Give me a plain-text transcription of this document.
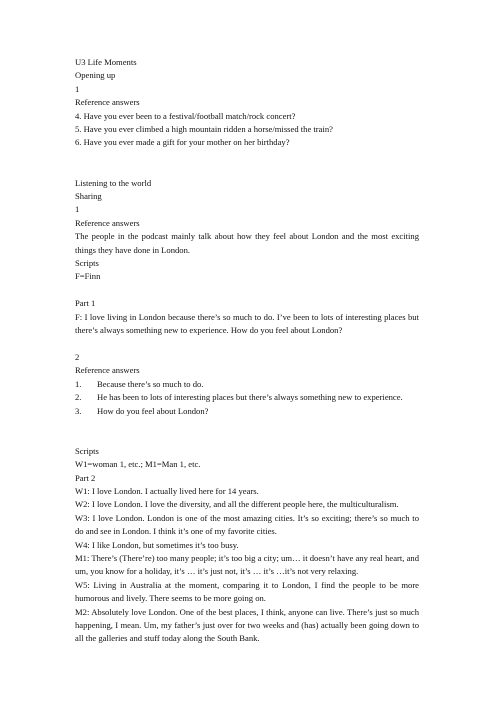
U3 Life Moments

Opening up

1

Reference answers

4. Have you ever been to a festival/football match/rock concert?

5. Have you ever climbed a high mountain ridden a horse/missed the train?

6. Have you ever made a gift for your mother on her birthday?

Listening to the world

Sharing

1

Reference answers

The people in the podcast mainly talk about how they feel about London and the most exciting things they have done in London.

Scripts

F=Finn

Part 1

F: I love living in London because there’s so much to do. I’ve been to lots of interesting places but there’s always something new to experience. How do you feel about London?

2

Reference answers

1. Because there’s so much to do.
2. He has been to lots of interesting places but there’s always something new to experience.
3. How do you feel about London?

Scripts

W1=woman 1, etc.; M1=Man 1, etc.

Part 2

W1: I love London. I actually lived here for 14 years.

W2: I love London. I love the diversity, and all the different people here, the multiculturalism.

W3: I love London. London is one of the most amazing cities. It’s so exciting; there’s so much to do and see in London. I think it’s one of my favorite cities.

W4: I like London, but sometimes it’s too busy.

M1: There’s (There’re) too many people; it’s too big a city; um… it doesn’t have any real heart, and um, you know for a holiday, it’s … it’s just not, it’s … it’s …it’s not very relaxing.

W5: Living in Australia at the moment, comparing it to London, I find the people to be more humorous and lively. There seems to be more going on.

M2: Absolutely love London. One of the best places, I think, anyone can live. There’s just so much happening, I mean. Um, my father’s just over for two weeks and (has) actually been going down to all the galleries and stuff today along the South Bank.
